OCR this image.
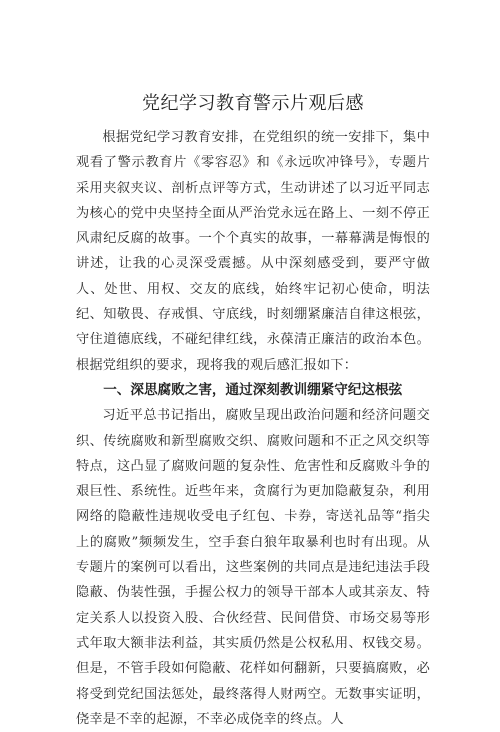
党纪学习教育警示片观后感

根据党纪学习教育安排，在党组织的统一安排下，集中观看了警示教育片《零容忍》和《永远吹冲锋号》，专题片采用夹叙夹议、剖析点评等方式，生动讲述了以习近平同志为核心的党中央坚持全面从严治党永远在路上、一刻不停正风肃纪反腐的故事。一个个真实的故事，一幕幕满是悔恨的讲述，让我的心灵深受震撼。从中深刻感受到，要严守做人、处世、用权、交友的底线，始终牢记初心使命，明法纪、知敬畏、存戒惧、守底线，时刻绷紧廉洁自律这根弦，守住道德底线，不碰纪律红线，永葆清正廉洁的政治本色。根据党组织的要求，现将我的观后感汇报如下：

一、深思腐败之害，通过深刻教训绷紧守纪这根弦

习近平总书记指出，腐败呈现出政治问题和经济问题交织、传统腐败和新型腐败交织、腐败问题和不正之风交织等特点，这凸显了腐败问题的复杂性、危害性和反腐败斗争的艰巨性、系统性。近些年来，贪腐行为更加隐蔽复杂，利用网络的隐蔽性违规收受电子红包、卡券，寄送礼品等“指尖上的腐败”频频发生，空手套白狼年取暴利也时有出现。从专题片的案例可以看出，这些案例的共同点是违纪违法手段隐蔽、伪装性强，手握公权力的领导干部本人或其亲友、特定关系人以投资入股、合伙经营、民间借贷、市场交易等形式年取大额非法利益，其实质仍然是公权私用、权钱交易。但是，不管手段如何隐蔽、花样如何翻新，只要搞腐败，必将受到党纪国法惩处，最终落得人财两空。无数事实证明，侥幸是不幸的起源，不幸必成侥幸的终点。人
